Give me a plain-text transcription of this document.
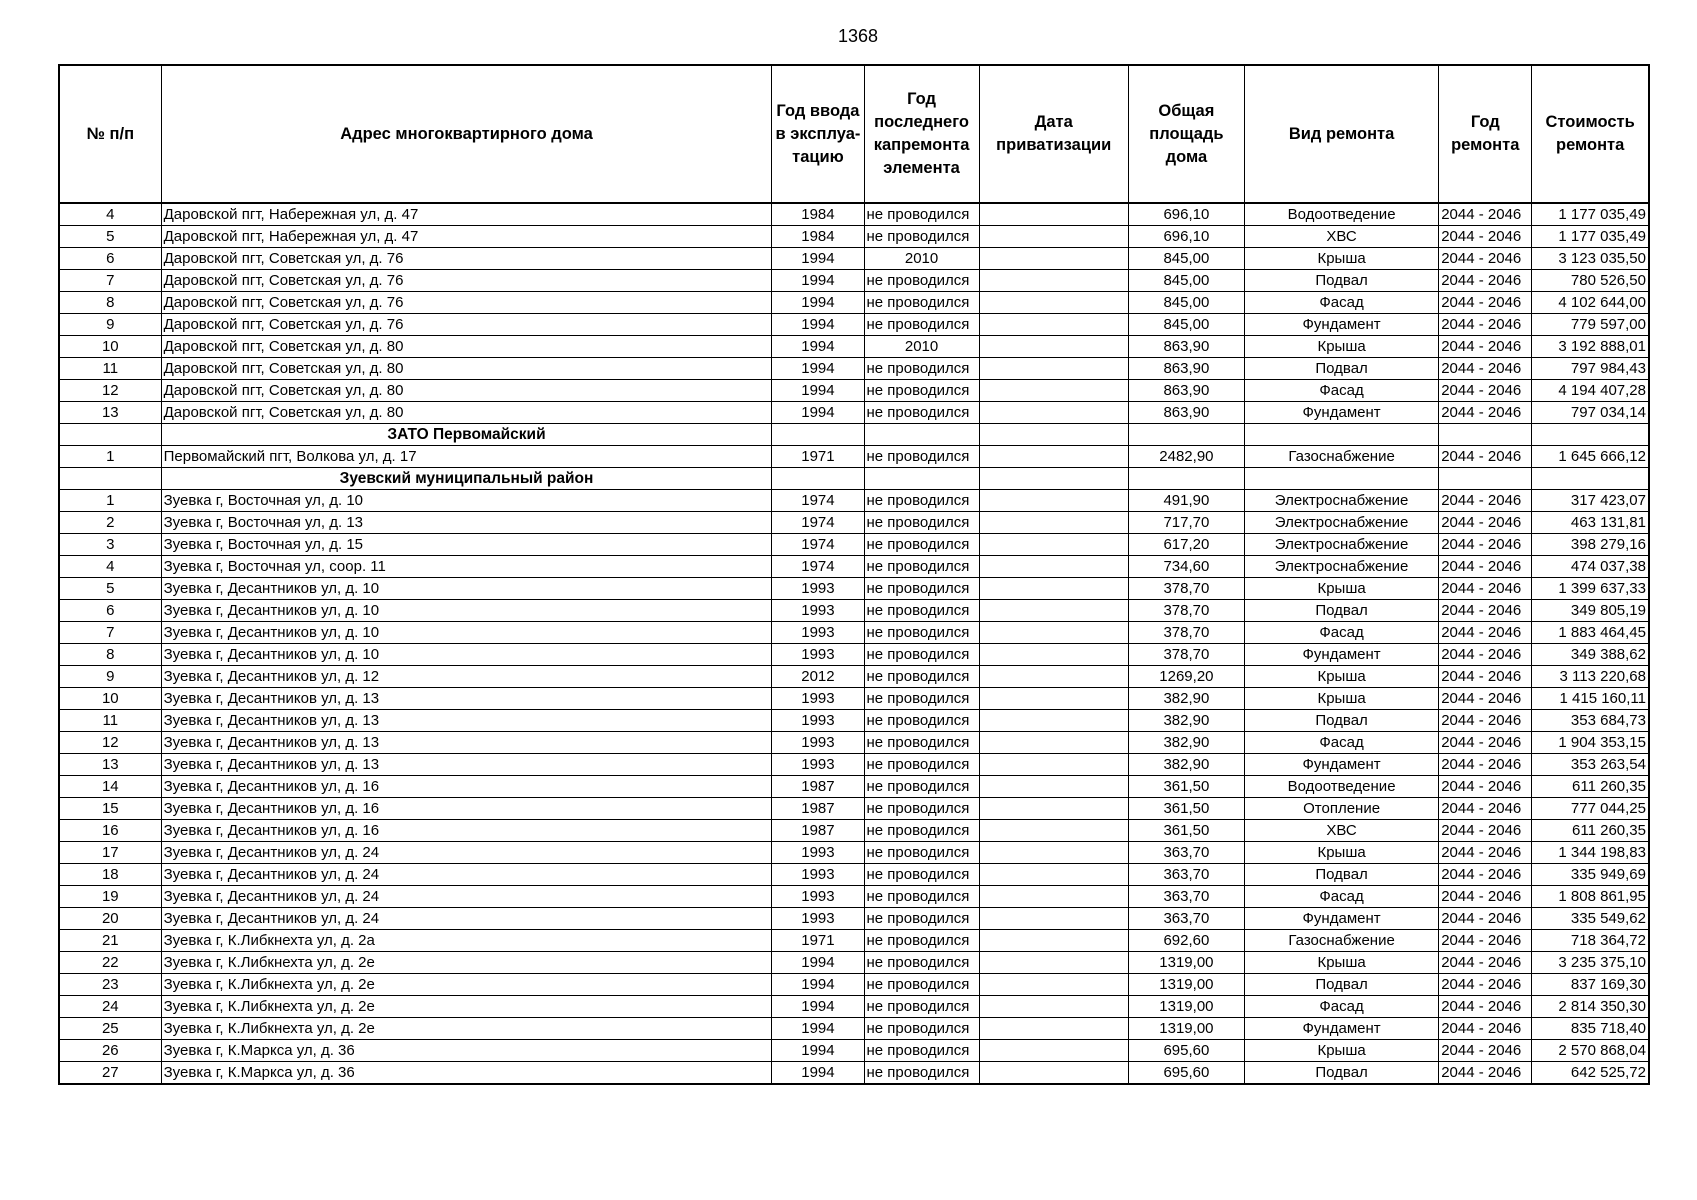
1368
№ п/п	Адрес многоквартирного дома	Год ввода в эксплуа-тацию	Год последнего капремонта элемента	Дата приватизации	Общая площадь дома	Вид ремонта	Год ремонта	Стоимость ремонта
4	Даровской пгт, Набережная ул, д. 47	1984	не проводился		696,10	Водоотведение	2044 - 2046	1 177 035,49
5	Даровской пгт, Набережная ул, д. 47	1984	не проводился		696,10	ХВС	2044 - 2046	1 177 035,49
6	Даровской пгт, Советская ул, д. 76	1994	2010		845,00	Крыша	2044 - 2046	3 123 035,50
7	Даровской пгт, Советская ул, д. 76	1994	не проводился		845,00	Подвал	2044 - 2046	780 526,50
8	Даровской пгт, Советская ул, д. 76	1994	не проводился		845,00	Фасад	2044 - 2046	4 102 644,00
9	Даровской пгт, Советская ул, д. 76	1994	не проводился		845,00	Фундамент	2044 - 2046	779 597,00
10	Даровской пгт, Советская ул, д. 80	1994	2010		863,90	Крыша	2044 - 2046	3 192 888,01
11	Даровской пгт, Советская ул, д. 80	1994	не проводился		863,90	Подвал	2044 - 2046	797 984,43
12	Даровской пгт, Советская ул, д. 80	1994	не проводился		863,90	Фасад	2044 - 2046	4 194 407,28
13	Даровской пгт, Советская ул, д. 80	1994	не проводился		863,90	Фундамент	2044 - 2046	797 034,14
	ЗАТО Первомайский							
1	Первомайский пгт, Волкова ул, д. 17	1971	не проводился		2482,90	Газоснабжение	2044 - 2046	1 645 666,12
	Зуевский муниципальный район							
1	Зуевка г, Восточная ул, д. 10	1974	не проводился		491,90	Электроснабжение	2044 - 2046	317 423,07
2	Зуевка г, Восточная ул, д. 13	1974	не проводился		717,70	Электроснабжение	2044 - 2046	463 131,81
3	Зуевка г, Восточная ул, д. 15	1974	не проводился		617,20	Электроснабжение	2044 - 2046	398 279,16
4	Зуевка г, Восточная ул, соор. 11	1974	не проводился		734,60	Электроснабжение	2044 - 2046	474 037,38
5	Зуевка г, Десантников ул, д. 10	1993	не проводился		378,70	Крыша	2044 - 2046	1 399 637,33
6	Зуевка г, Десантников ул, д. 10	1993	не проводился		378,70	Подвал	2044 - 2046	349 805,19
7	Зуевка г, Десантников ул, д. 10	1993	не проводился		378,70	Фасад	2044 - 2046	1 883 464,45
8	Зуевка г, Десантников ул, д. 10	1993	не проводился		378,70	Фундамент	2044 - 2046	349 388,62
9	Зуевка г, Десантников ул, д. 12	2012	не проводился		1269,20	Крыша	2044 - 2046	3 113 220,68
10	Зуевка г, Десантников ул, д. 13	1993	не проводился		382,90	Крыша	2044 - 2046	1 415 160,11
11	Зуевка г, Десантников ул, д. 13	1993	не проводился		382,90	Подвал	2044 - 2046	353 684,73
12	Зуевка г, Десантников ул, д. 13	1993	не проводился		382,90	Фасад	2044 - 2046	1 904 353,15
13	Зуевка г, Десантников ул, д. 13	1993	не проводился		382,90	Фундамент	2044 - 2046	353 263,54
14	Зуевка г, Десантников ул, д. 16	1987	не проводился		361,50	Водоотведение	2044 - 2046	611 260,35
15	Зуевка г, Десантников ул, д. 16	1987	не проводился		361,50	Отопление	2044 - 2046	777 044,25
16	Зуевка г, Десантников ул, д. 16	1987	не проводился		361,50	ХВС	2044 - 2046	611 260,35
17	Зуевка г, Десантников ул, д. 24	1993	не проводился		363,70	Крыша	2044 - 2046	1 344 198,83
18	Зуевка г, Десантников ул, д. 24	1993	не проводился		363,70	Подвал	2044 - 2046	335 949,69
19	Зуевка г, Десантников ул, д. 24	1993	не проводился		363,70	Фасад	2044 - 2046	1 808 861,95
20	Зуевка г, Десантников ул, д. 24	1993	не проводился		363,70	Фундамент	2044 - 2046	335 549,62
21	Зуевка г, К.Либкнехта ул, д. 2а	1971	не проводился		692,60	Газоснабжение	2044 - 2046	718 364,72
22	Зуевка г, К.Либкнехта ул, д. 2е	1994	не проводился		1319,00	Крыша	2044 - 2046	3 235 375,10
23	Зуевка г, К.Либкнехта ул, д. 2е	1994	не проводился		1319,00	Подвал	2044 - 2046	837 169,30
24	Зуевка г, К.Либкнехта ул, д. 2е	1994	не проводился		1319,00	Фасад	2044 - 2046	2 814 350,30
25	Зуевка г, К.Либкнехта ул, д. 2е	1994	не проводился		1319,00	Фундамент	2044 - 2046	835 718,40
26	Зуевка г, К.Маркса ул, д. 36	1994	не проводился		695,60	Крыша	2044 - 2046	2 570 868,04
27	Зуевка г, К.Маркса ул, д. 36	1994	не проводился		695,60	Подвал	2044 - 2046	642 525,72
